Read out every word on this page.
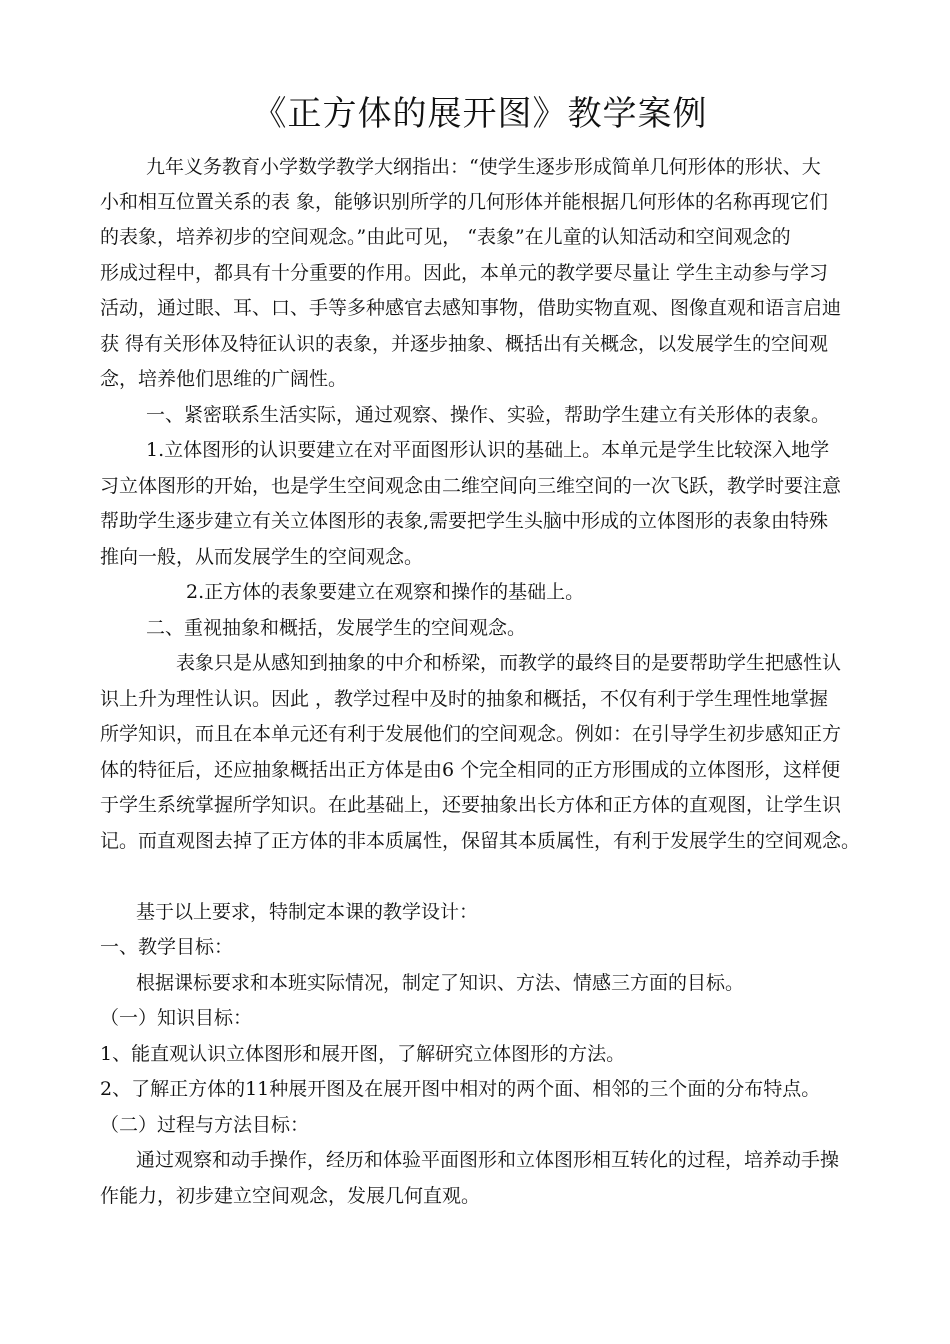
《正方体的展开图》教学案例
九年义务教育小学数学教学大纲指出：“使学生逐步形成简单几何形体的形状、大
小和相互位置关系的表 象，能够识别所学的几何形体并能根据几何形体的名称再现它们
的表象，培养初步的空间观念。”由此可见， “表象”在儿童的认知活动和空间观念的
形成过程中，都具有十分重要的作用。因此，本单元的教学要尽量让 学生主动参与学习
活动，通过眼、耳、口、手等多种感官去感知事物，借助实物直观、图像直观和语言启迪
获 得有关形体及特征认识的表象，并逐步抽象、概括出有关概念，以发展学生的空间观
念，培养他们思维的广阔性。
一、紧密联系生活实际，通过观察、操作、实验，帮助学生建立有关形体的表象。
1.立体图形的认识要建立在对平面图形认识的基础上。本单元是学生比较深入地学
习立体图形的开始，也是学生空间观念由二维空间向三维空间的一次飞跃，教学时要注意
帮助学生逐步建立有关立体图形的表象,需要把学生头脑中形成的立体图形的表象由特殊
推向一般，从而发展学生的空间观念。
2.正方体的表象要建立在观察和操作的基础上。
二、重视抽象和概括，发展学生的空间观念。
表象只是从感知到抽象的中介和桥梁，而教学的最终目的是要帮助学生把感性认
识上升为理性认识。因此 ，教学过程中及时的抽象和概括，不仅有利于学生理性地掌握
所学知识，而且在本单元还有利于发展他们的空间观念。例如：在引导学生初步感知正方
体的特征后，还应抽象概括出正方体是由6 个完全相同的正方形围成的立体图形，这样便
于学生系统掌握所学知识。在此基础上，还要抽象出长方体和正方体的直观图，让学生识
记。而直观图去掉了正方体的非本质属性，保留其本质属性，有利于发展学生的空间观念。
基于以上要求，特制定本课的教学设计：
一、教学目标：
根据课标要求和本班实际情况，制定了知识、方法、情感三方面的目标。
（一）知识目标：
1、能直观认识立体图形和展开图，了解研究立体图形的方法。
2、了解正方体的11种展开图及在展开图中相对的两个面、相邻的三个面的分布特点。
（二）过程与方法目标：
通过观察和动手操作，经历和体验平面图形和立体图形相互转化的过程，培养动手操
作能力，初步建立空间观念，发展几何直观。
